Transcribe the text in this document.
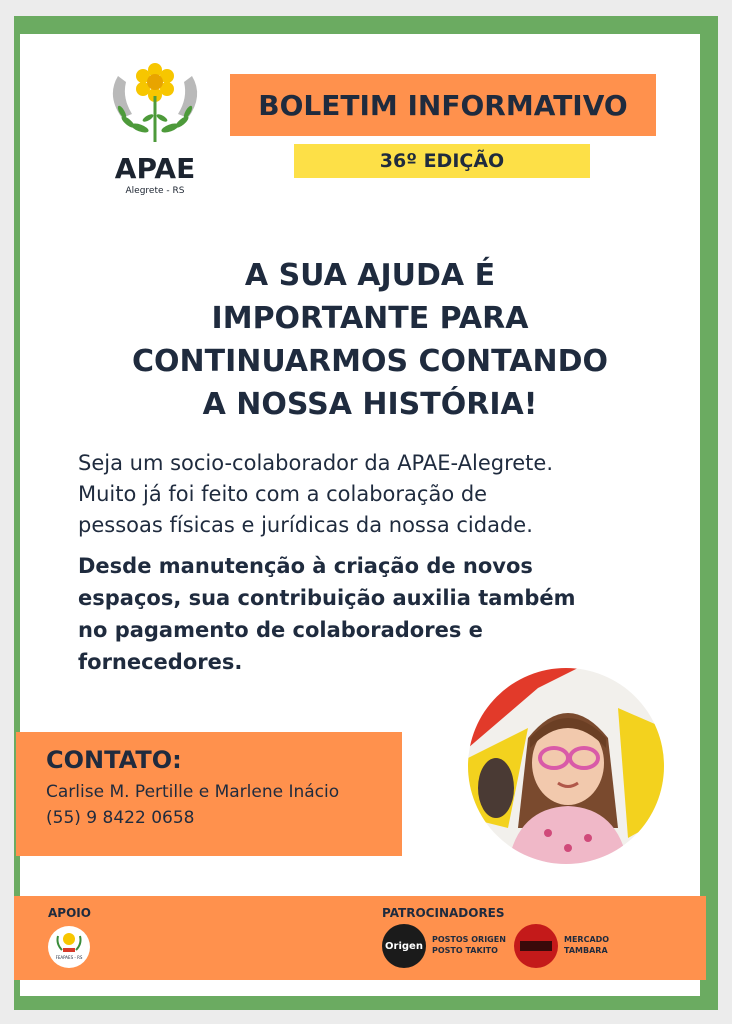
APAE
Alegrete - RS
BOLETIM INFORMATIVO
36º EDIÇÃO
A SUA AJUDA É
IMPORTANTE PARA
CONTINUARMOS CONTANDO
A NOSSA HISTÓRIA!
Seja um socio-colaborador da APAE-Alegrete.
Muito já foi feito com a colaboração de
pessoas físicas e jurídicas da nossa cidade.
Desde manutenção à criação de novos
espaços, sua contribuição auxilia também
no pagamento de colaboradores e
fornecedores.
CONTATO:
Carlise M. Pertille e Marlene Inácio
(55) 9 8422 0658
APOIO
FEAPAES - RS
PATROCINADORES
Origen
POSTOS ORIGEN
POSTO TAKITO
MERCADO
TAMBARA
